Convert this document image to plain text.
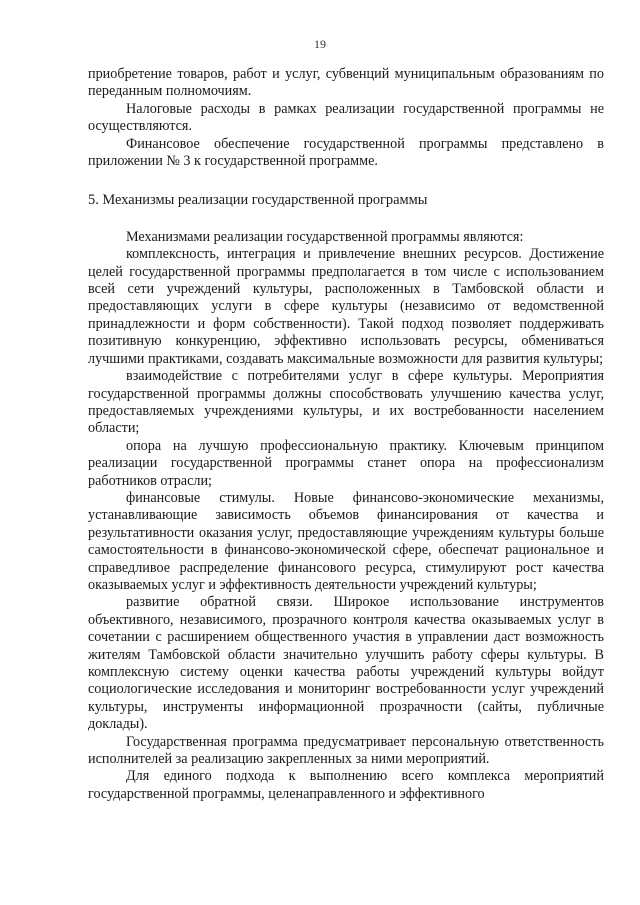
19

приобретение товаров, работ и услуг, субвенций муниципальным образованиям по переданным полномочиям.

Налоговые расходы в рамках реализации государственной программы не осуществляются.

Финансовое обеспечение государственной программы представлено в приложении № 3 к государственной программе.

5. Механизмы реализации государственной программы

Механизмами реализации государственной программы являются:

комплексность, интеграция и привлечение внешних ресурсов. Достижение целей государственной программы предполагается в том числе с использованием всей сети учреждений культуры, расположенных в Тамбовской области и предоставляющих услуги в сфере культуры (независимо от ведомственной принадлежности и форм собственности). Такой подход позволяет поддерживать позитивную конкуренцию, эффективно использовать ресурсы, обмениваться лучшими практиками, создавать максимальные возможности для развития культуры;

взаимодействие с потребителями услуг в сфере культуры. Мероприятия государственной программы должны способствовать улучшению качества услуг, предоставляемых учреждениями культуры, и их востребованности населением области;

опора на лучшую профессиональную практику. Ключевым принципом реализации государственной программы станет опора на профессионализм работников отрасли;

финансовые стимулы. Новые финансово-экономические механизмы, устанавливающие зависимость объемов финансирования от качества и результативности оказания услуг, предоставляющие учреждениям культуры больше самостоятельности в финансово-экономической сфере, обеспечат рациональное и справедливое распределение финансового ресурса, стимулируют рост качества оказываемых услуг и эффективность деятельности учреждений культуры;

развитие обратной связи. Широкое использование инструментов объективного, независимого, прозрачного контроля качества оказываемых услуг в сочетании с расширением общественного участия в управлении даст возможность жителям Тамбовской области значительно улучшить работу сферы культуры. В комплексную систему оценки качества работы учреждений культуры войдут социологические исследования и мониторинг востребованности услуг учреждений культуры, инструменты информационной прозрачности (сайты, публичные доклады).

Государственная программа предусматривает персональную ответственность исполнителей за реализацию закрепленных за ними мероприятий.

Для единого подхода к выполнению всего комплекса мероприятий государственной программы, целенаправленного и эффективного
